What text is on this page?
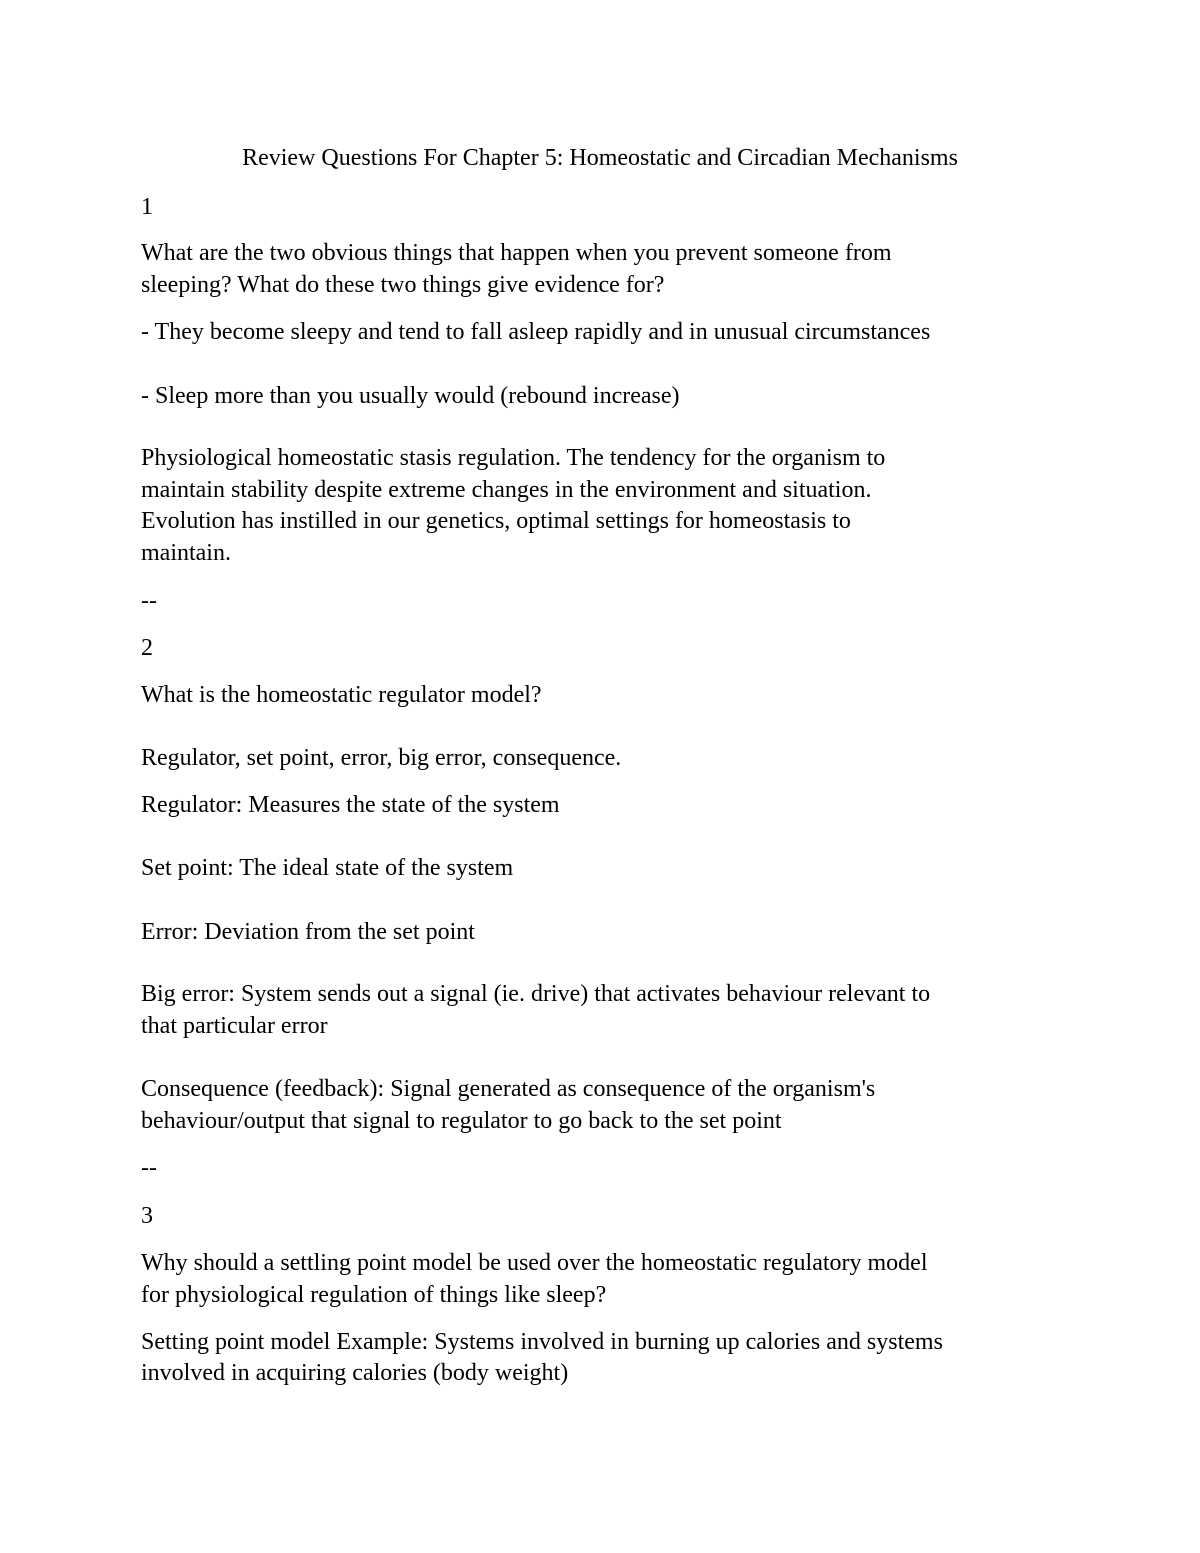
Review Questions For Chapter 5: Homeostatic and Circadian Mechanisms
1
What are the two obvious things that happen when you prevent someone from
sleeping? What do these two things give evidence for?
- They become sleepy and tend to fall asleep rapidly and in unusual circumstances
- Sleep more than you usually would (rebound increase)
Physiological homeostatic stasis regulation. The tendency for the organism to
maintain stability despite extreme changes in the environment and situation.
Evolution has instilled in our genetics, optimal settings for homeostasis to
maintain.
--
2
What is the homeostatic regulator model?
Regulator, set point, error, big error, consequence.
Regulator: Measures the state of the system
Set point: The ideal state of the system
Error: Deviation from the set point
Big error: System sends out a signal (ie. drive) that activates behaviour relevant to
that particular error
Consequence (feedback): Signal generated as consequence of the organism's
behaviour/output that signal to regulator to go back to the set point
--
3
Why should a settling point model be used over the homeostatic regulatory model
for physiological regulation of things like sleep?
Setting point model Example: Systems involved in burning up calories and systems
involved in acquiring calories (body weight)
